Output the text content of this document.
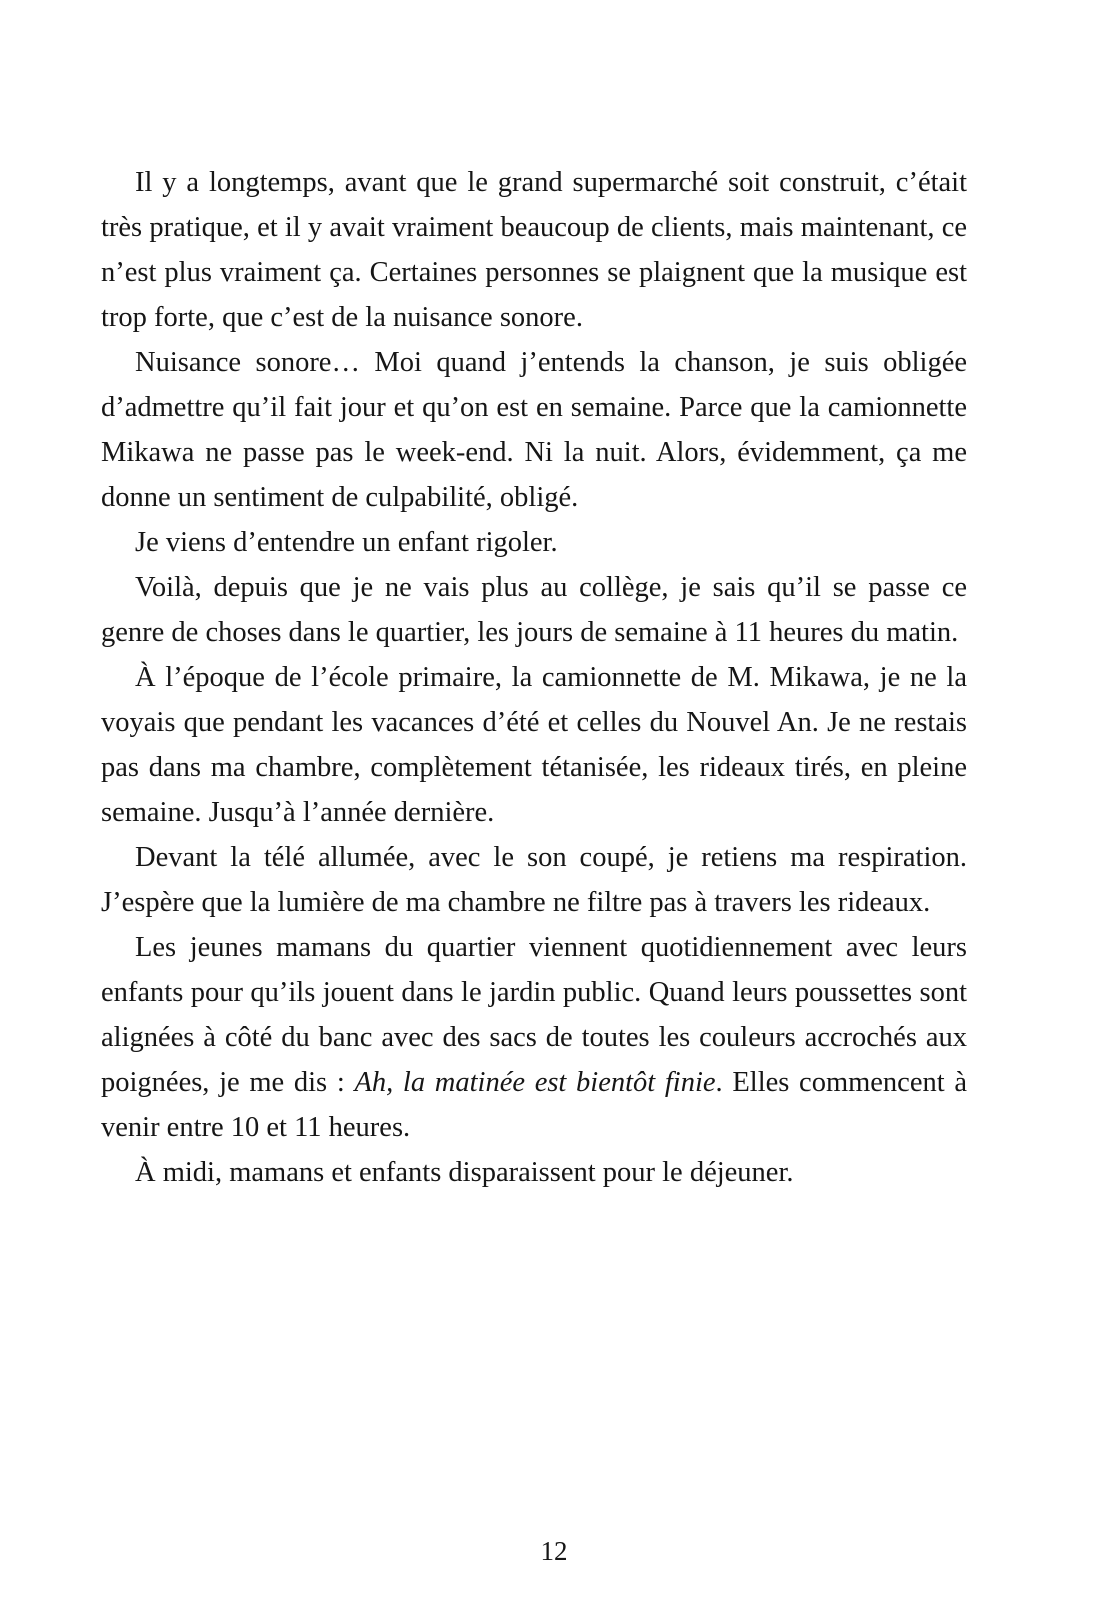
Il y a longtemps, avant que le grand supermarché soit construit, c’était très pratique, et il y avait vraiment beaucoup de clients, mais maintenant, ce n’est plus vraiment ça. Certaines personnes se plaignent que la musique est trop forte, que c’est de la nuisance sonore.

Nuisance sonore… Moi quand j’entends la chanson, je suis obligée d’admettre qu’il fait jour et qu’on est en semaine. Parce que la camionnette Mikawa ne passe pas le week-end. Ni la nuit. Alors, évidemment, ça me donne un sentiment de culpabilité, obligé.

Je viens d’entendre un enfant rigoler.

Voilà, depuis que je ne vais plus au collège, je sais qu’il se passe ce genre de choses dans le quartier, les jours de semaine à 11 heures du matin.

À l’époque de l’école primaire, la camionnette de M. Mikawa, je ne la voyais que pendant les vacances d’été et celles du Nouvel An. Je ne restais pas dans ma chambre, complètement tétanisée, les rideaux tirés, en pleine semaine. Jusqu’à l’année dernière.

Devant la télé allumée, avec le son coupé, je retiens ma respiration. J’espère que la lumière de ma chambre ne filtre pas à travers les rideaux.

Les jeunes mamans du quartier viennent quotidiennement avec leurs enfants pour qu’ils jouent dans le jardin public. Quand leurs poussettes sont alignées à côté du banc avec des sacs de toutes les couleurs accrochés aux poignées, je me dis : Ah, la matinée est bientôt finie. Elles commencent à venir entre 10 et 11 heures.

À midi, mamans et enfants disparaissent pour le déjeuner.

12
